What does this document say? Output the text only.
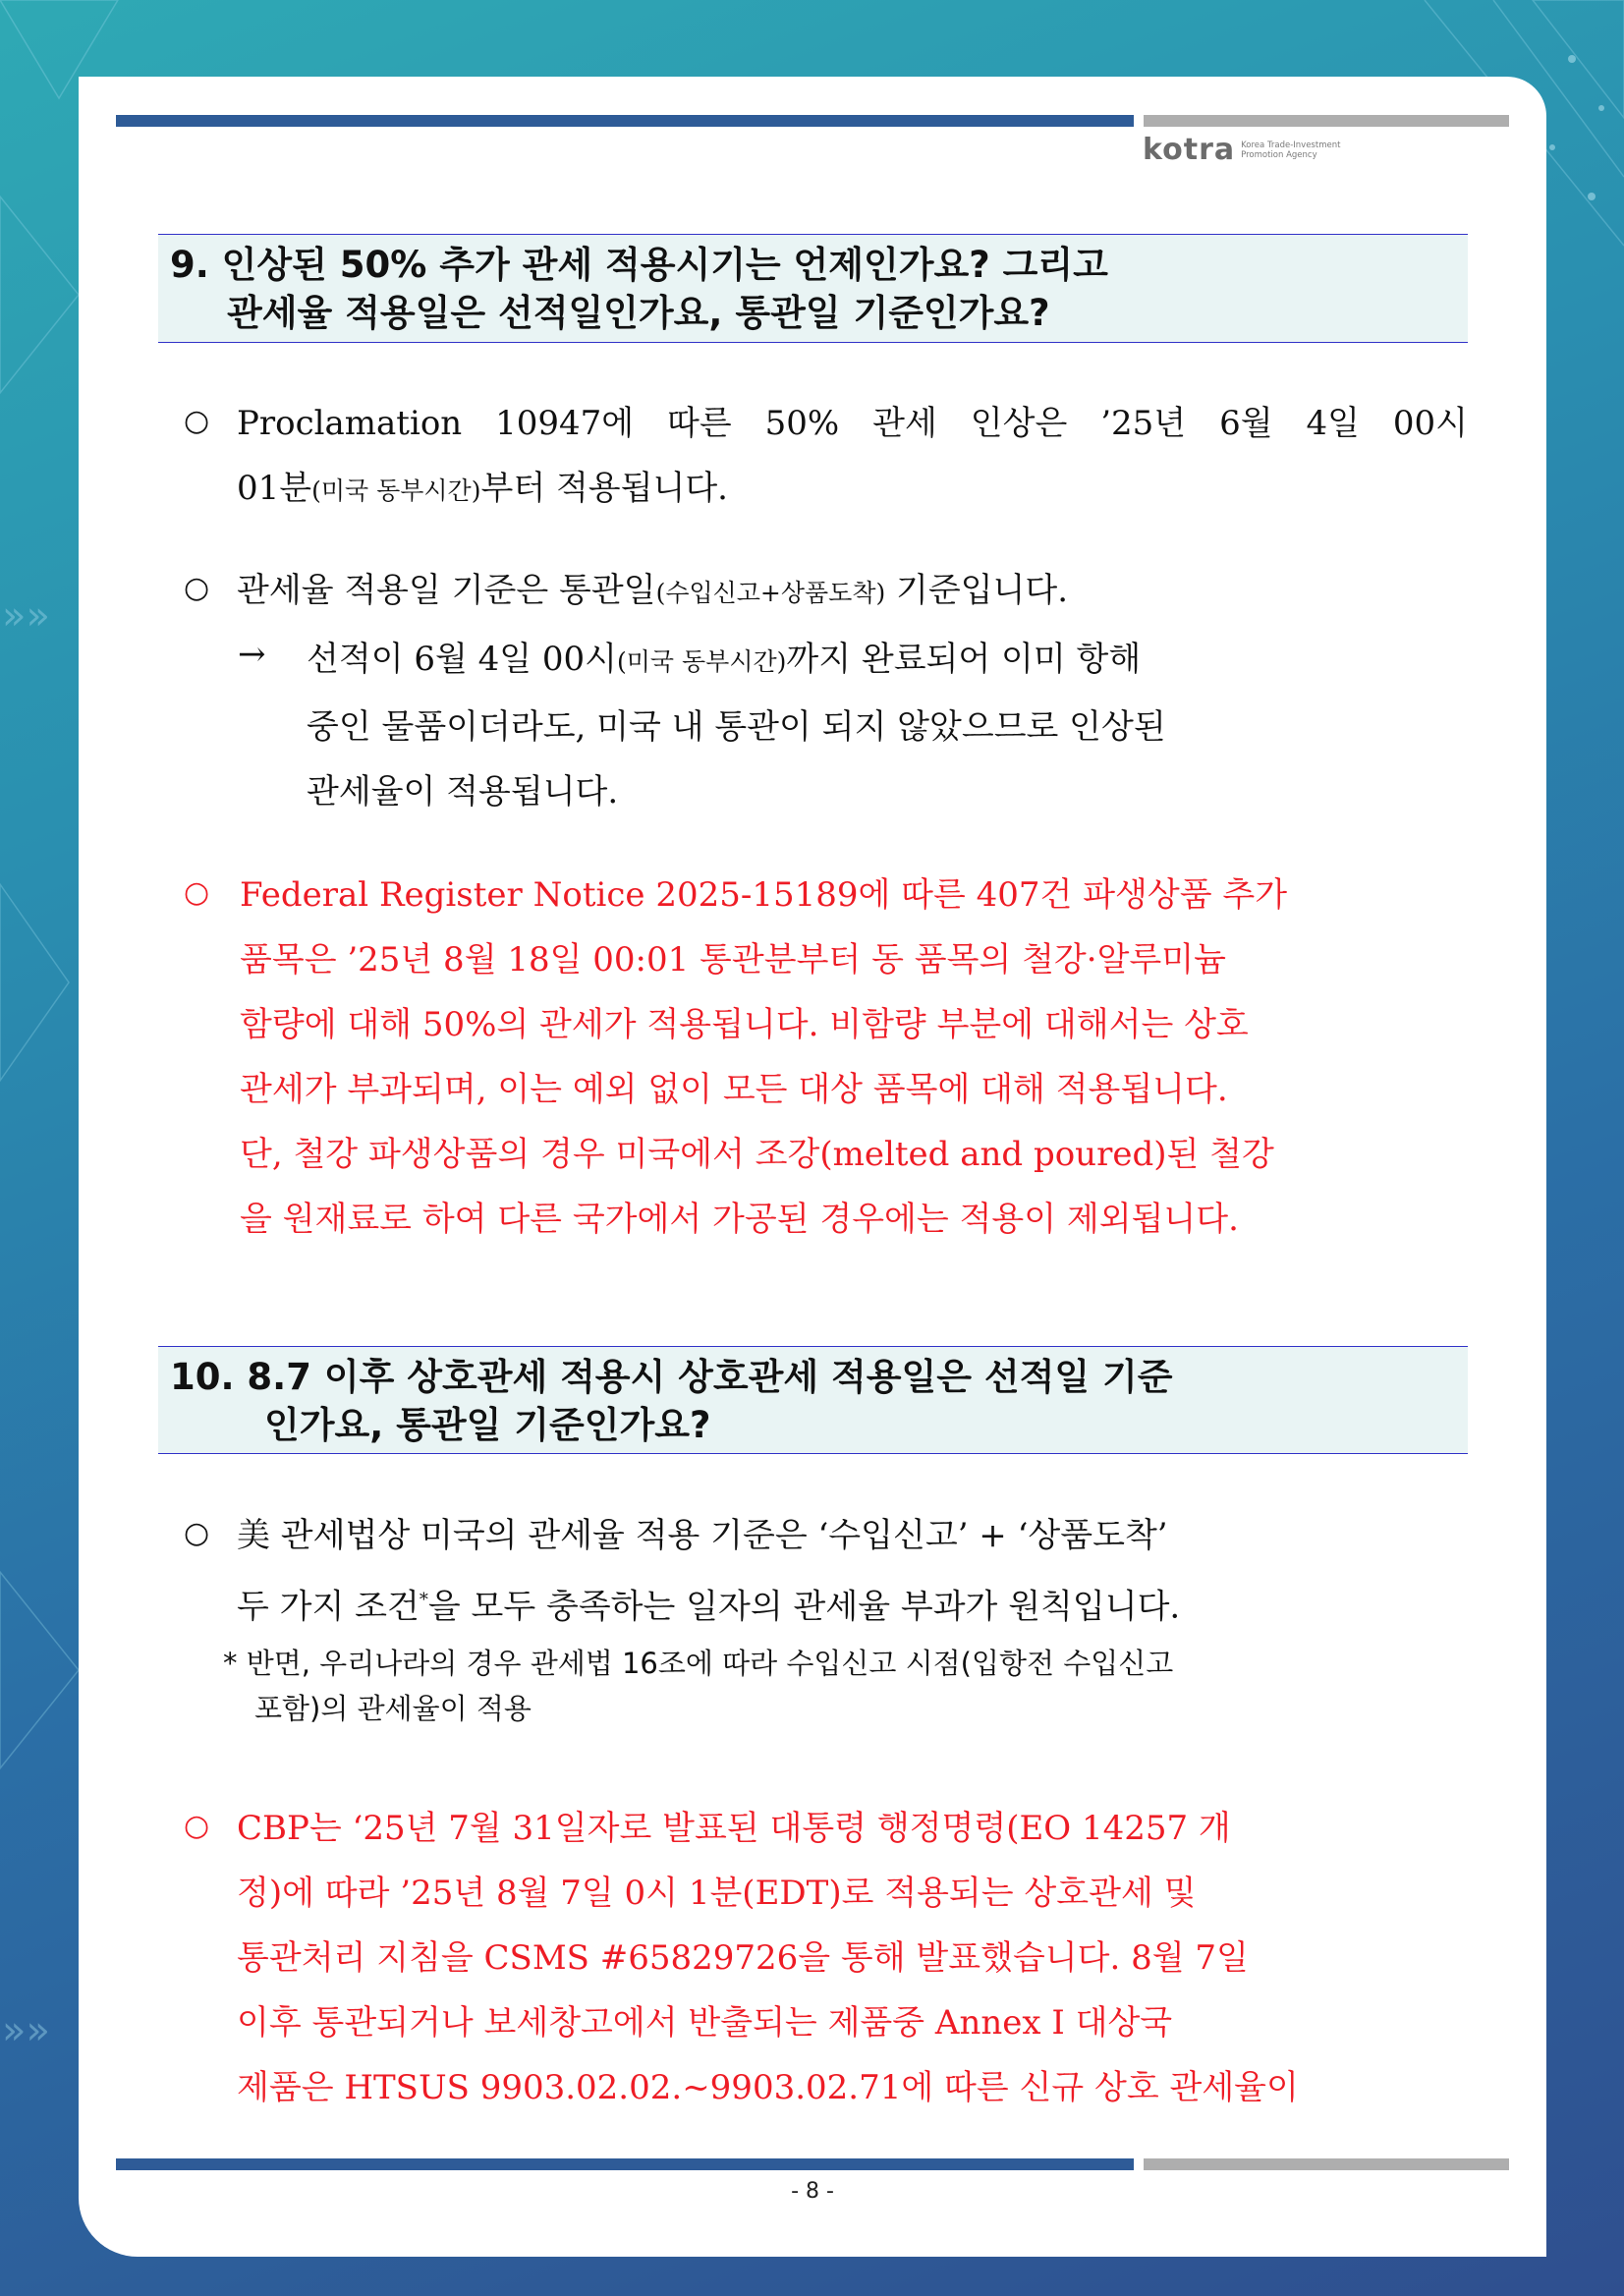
»»
»»
kotra Korea Trade-Investment
Promotion Agency
9. 인상된 50% 추가 관세 적용시기는 언제인가요? 그리고
관세율 적용일은 선적일인가요, 통관일 기준인가요?
○ Proclamation 10947에 따른 50% 관세 인상은 ’25년 6월 4일 00시
01분(미국 동부시간)부터 적용됩니다.
○ 관세율 적용일 기준은 통관일(수입신고+상품도착) 기준입니다.
→ 선적이 6월 4일 00시(미국 동부시간)까지 완료되어 이미 항해
중인 물품이더라도, 미국 내 통관이 되지 않았으므로 인상된
관세율이 적용됩니다.
○ Federal Register Notice 2025-15189에 따른 407건 파생상품 추가
품목은 ’25년 8월 18일 00:01 통관분부터 동 품목의 철강·알루미늄
함량에 대해 50%의 관세가 적용됩니다. 비함량 부분에 대해서는 상호
관세가 부과되며, 이는 예외 없이 모든 대상 품목에 대해 적용됩니다.
단, 철강 파생상품의 경우 미국에서 조강(melted and poured)된 철강
을 원재료로 하여 다른 국가에서 가공된 경우에는 적용이 제외됩니다.
10. 8.7 이후 상호관세 적용시 상호관세 적용일은 선적일 기준
인가요, 통관일 기준인가요?
○ 美 관세법상 미국의 관세율 적용 기준은 ‘수입신고’ + ‘상품도착’
두 가지 조건*을 모두 충족하는 일자의 관세율 부과가 원칙입니다.
* 반면, 우리나라의 경우 관세법 16조에 따라 수입신고 시점(입항전 수입신고
포함)의 관세율이 적용
○ CBP는 ‘25년 7월 31일자로 발표된 대통령 행정명령(EO 14257 개
정)에 따라 ’25년 8월 7일 0시 1분(EDT)로 적용되는 상호관세 및
통관처리 지침을 CSMS #65829726을 통해 발표했습니다. 8월 7일
이후 통관되거나 보세창고에서 반출되는 제품중 Annex I 대상국
제품은 HTSUS 9903.02.02.~9903.02.71에 따른 신규 상호 관세율이
- 8 -
